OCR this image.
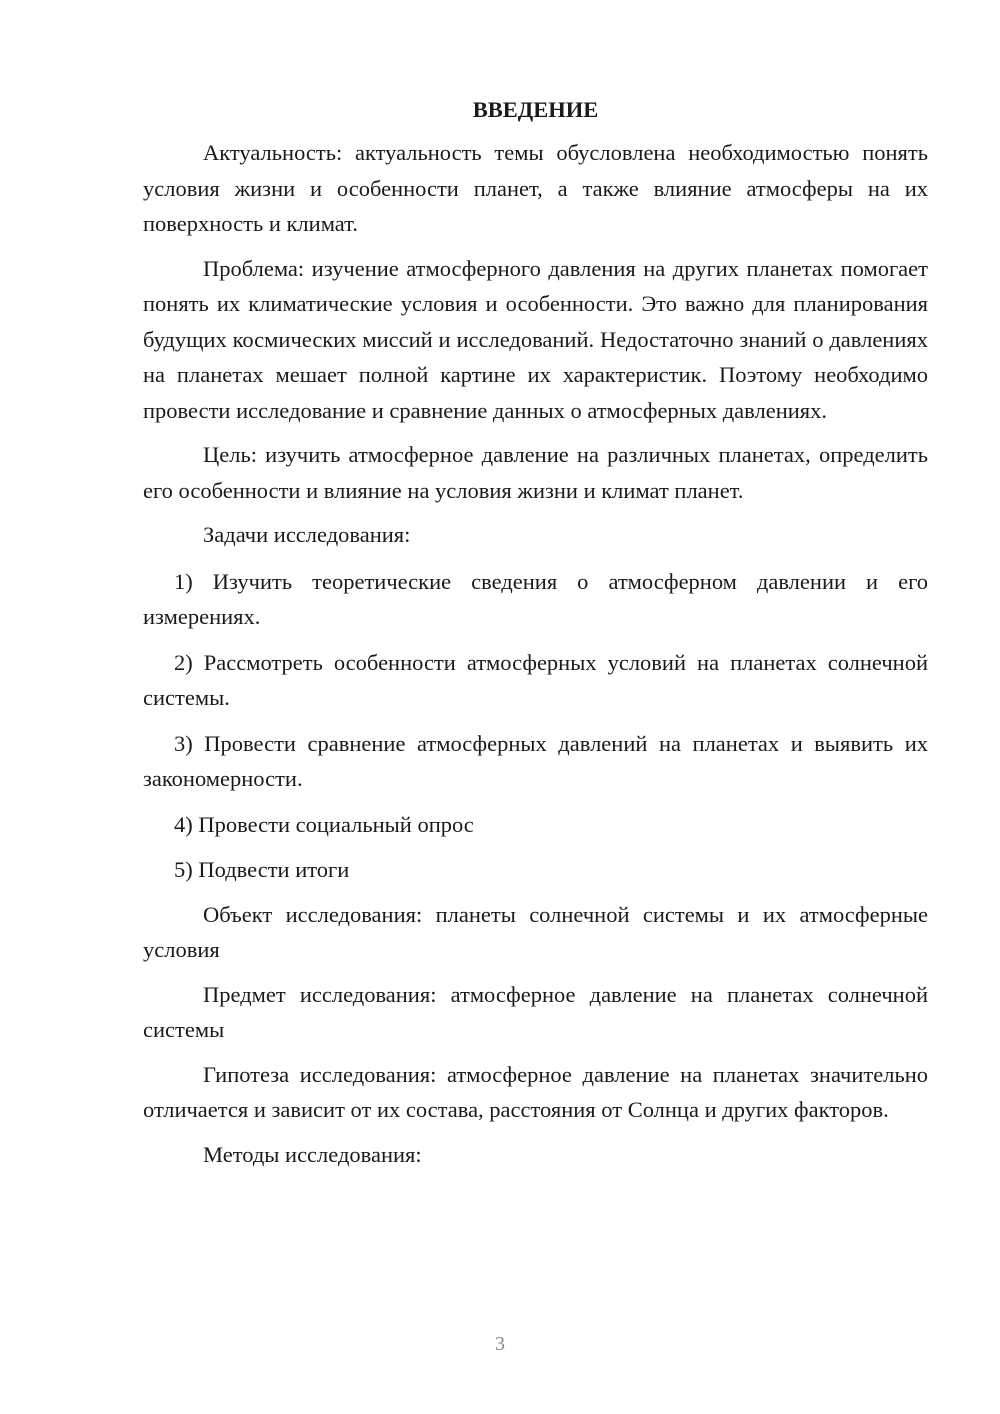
ВВЕДЕНИЕ

Актуальность: актуальность темы обусловлена необходимостью понять условия жизни и особенности планет, а также влияние атмосферы на их поверхность и климат.

Проблема: изучение атмосферного давления на других планетах помогает понять их климатические условия и особенности. Это важно для планирования будущих космических миссий и исследований. Недостаточно знаний о давлениях на планетах мешает полной картине их характеристик. Поэтому необходимо провести исследование и сравнение данных о атмосферных давлениях.

Цель: изучить атмосферное давление на различных планетах, определить его особенности и влияние на условия жизни и климат планет.

Задачи исследования:

1) Изучить теоретические сведения о атмосферном давлении и его измерениях.

2) Рассмотреть особенности атмосферных условий на планетах солнечной системы.

3) Провести сравнение атмосферных давлений на планетах и выявить их закономерности.

4) Провести социальный опрос

5) Подвести итоги

Объект исследования: планеты солнечной системы и их атмосферные условия

Предмет исследования: атмосферное давление на планетах солнечной системы

Гипотеза исследования: атмосферное давление на планетах значительно отличается и зависит от их состава, расстояния от Солнца и других факторов.

Методы исследования:

3
